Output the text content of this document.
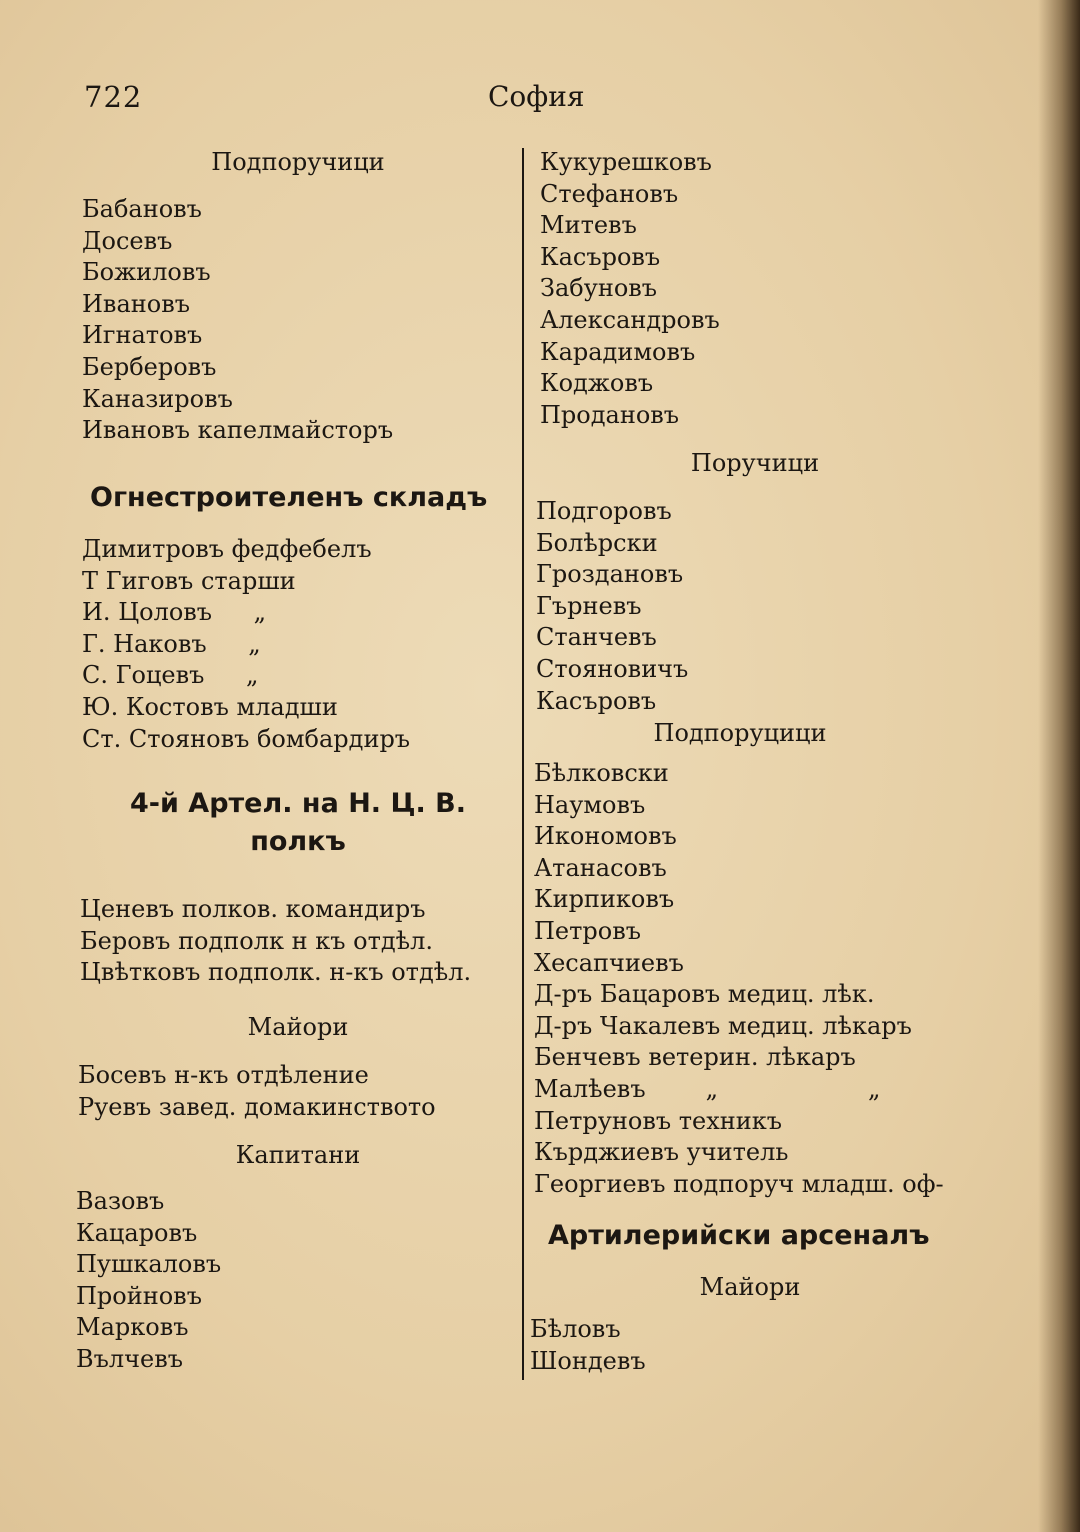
722	София
Подпоручици
Бабановъ
Досевъ
Божиловъ
Ивановъ
Игнатовъ
Берберовъ
Каназировъ
Ивановъ капелмайсторъ
Огнестроителенъ складъ
Димитровъ федфебелъ
Т Гиговъ старши
И. Цоловъ „
Г. Наковъ „
С. Гоцевъ „
Ю. Костовъ младши
Ст. Стояновъ бомбардиръ
4-й Артел. на Н. Ц. В.
полкъ
Ценевъ полков. командиръ
Беровъ подполк н къ отдѣл.
Цвѣтковъ подполк. н-къ отдѣл.
Майори
Босевъ н-къ отдѣление
Руевъ завед. домакинството
Капитани
Вазовъ
Кацаровъ
Пушкаловъ
Пройновъ
Марковъ
Вълчевъ
Кукурешковъ
Стефановъ
Митевъ
Касъровъ
Забуновъ
Александровъ
Карадимовъ
Коджовъ
Продановъ
Поручици
Подгоровъ
Болѣрски
Гроздановъ
Гърневъ
Станчевъ
Стояновичъ
Касъровъ
Подпоруцици
Бѣлковски
Наумовъ
Икономовъ
Атанасовъ
Кирпиковъ
Петровъ
Хесапчиевъ
Д-ръ Бацаровъ медиц. лѣк.
Д-ръ Чакалевъ медиц. лѣкаръ
Бенчевъ ветерин. лѣкаръ
Малѣевъ	„	„
Петруновъ техникъ
Кърджиевъ учитель
Георгиевъ подпоруч младш. оф-
Артилерийски арсеналъ
Майори
Бѣловъ
Шондевъ
